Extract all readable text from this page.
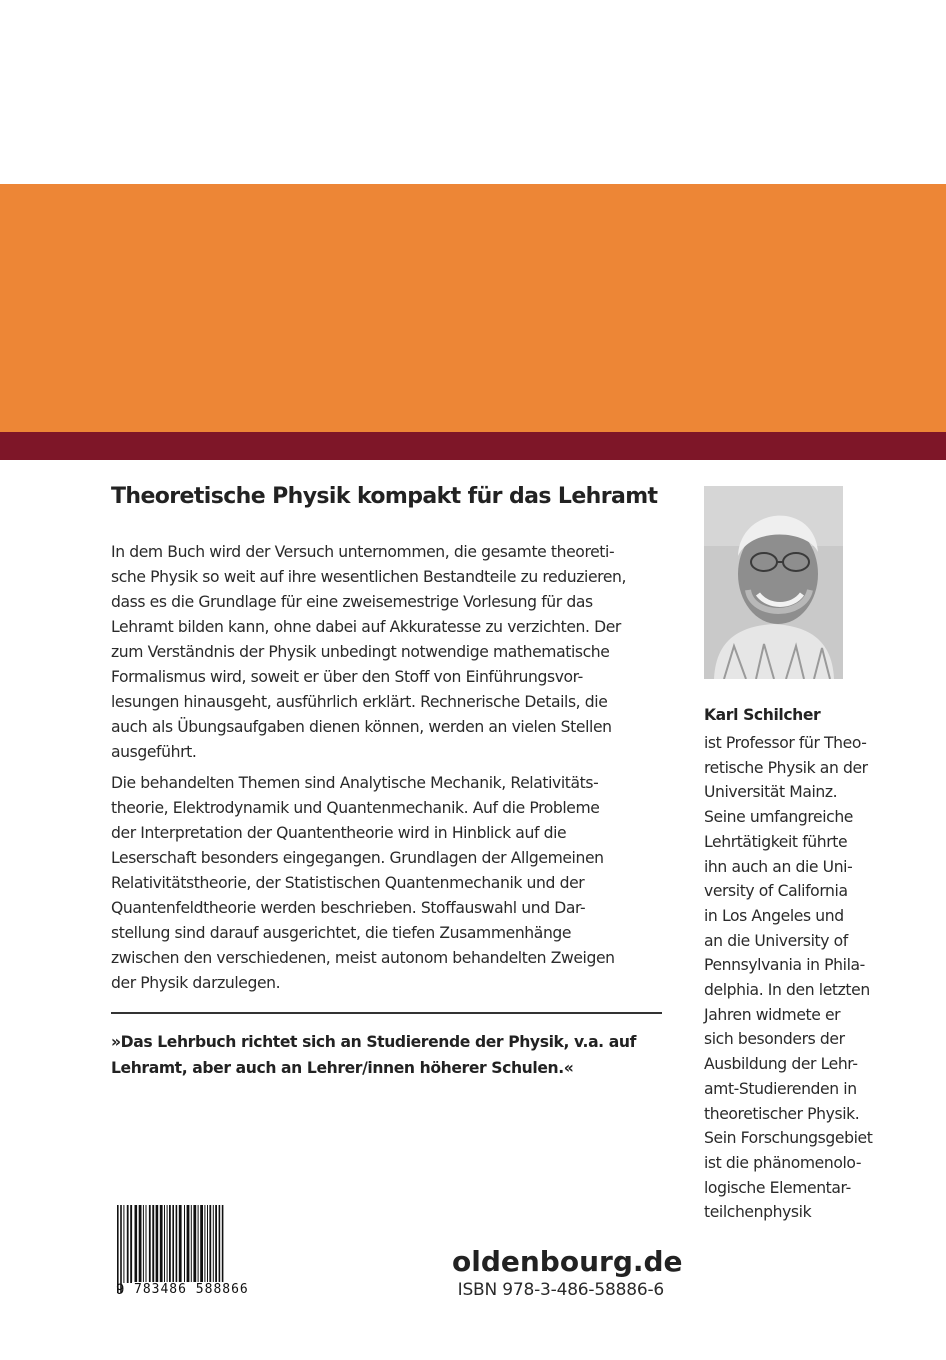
Theoretische Physik kompakt für das Lehramt
In dem Buch wird der Versuch unternommen, die gesamte theoreti-
sche Physik so weit auf ihre wesentlichen Bestandteile zu reduzieren,
dass es die Grundlage für eine zweisemestrige Vorlesung für das
Lehramt bilden kann, ohne dabei auf Akkuratesse zu verzichten. Der
zum Verständnis der Physik unbedingt notwendige mathematische
Formalismus wird, soweit er über den Stoff von Einführungsvor-
lesungen hinausgeht, ausführlich erklärt. Rechnerische Details, die
auch als Übungsaufgaben dienen können, werden an vielen Stellen
ausgeführt.
Die behandelten Themen sind Analytische Mechanik, Relativitäts-
theorie, Elektrodynamik und Quantenmechanik. Auf die Probleme
der Interpretation der Quantentheorie wird in Hinblick auf die
Leserschaft besonders eingegangen. Grundlagen der Allgemeinen
Relativitätstheorie, der Statistischen Quantenmechanik und der
Quantenfeldtheorie werden beschrieben. Stoffauswahl und Dar-
stellung sind darauf ausgerichtet, die tiefen Zusammenhänge
zwischen den verschiedenen, meist autonom behandelten Zweigen
der Physik darzulegen.
»Das Lehrbuch richtet sich an Studierende der Physik, v.a. auf
Lehramt, aber auch an Lehrer/innen höherer Schulen.«
Karl Schilcher
ist Professor für Theo-
retische Physik an der
Universität Mainz.
Seine umfangreiche
Lehrtätigkeit führte
ihn auch an die Uni-
versity of California
in Los Angeles und
an die University of
Pennsylvania in Phila-
delphia. In den letzten
Jahren widmete er
sich besonders der
Ausbildung der Lehr-
amt-Studierenden in
theoretischer Physik.
Sein Forschungsgebiet
ist die phänomenolo-
logische Elementar-
teilchenphysik
9 783486 588866
oldenbourg.de
ISBN 978-3-486-58886-6
